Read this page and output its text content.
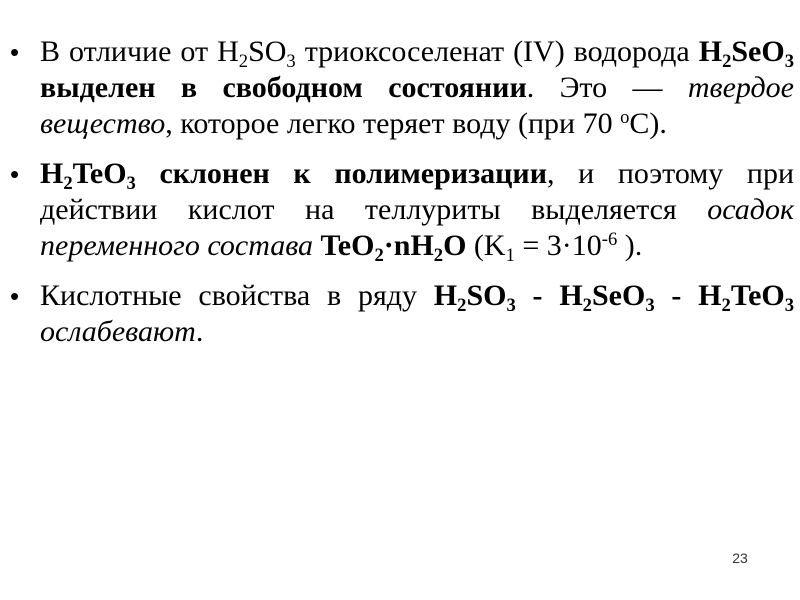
• В отличие от $H_2SO_3$ триоксоселенат (IV) водорода $H_2SeO_3$ выделен в свободном состоянии. Это — твердое вещество, которое легко теряет воду (при 70 $^о$С).
• $H_2TeO_3$ склонен к полимеризации, и поэтому при действии кислот на теллуриты выделяется осадок переменного состава $TeO_2\cdot nH_2O$ ($K_1 = 3\cdot 10^{-6}$ ).
• Кислотные свойства в ряду $H_2SO_3 - H_2SeO_3 - H_2TeO_3$ ослабевают.
23
